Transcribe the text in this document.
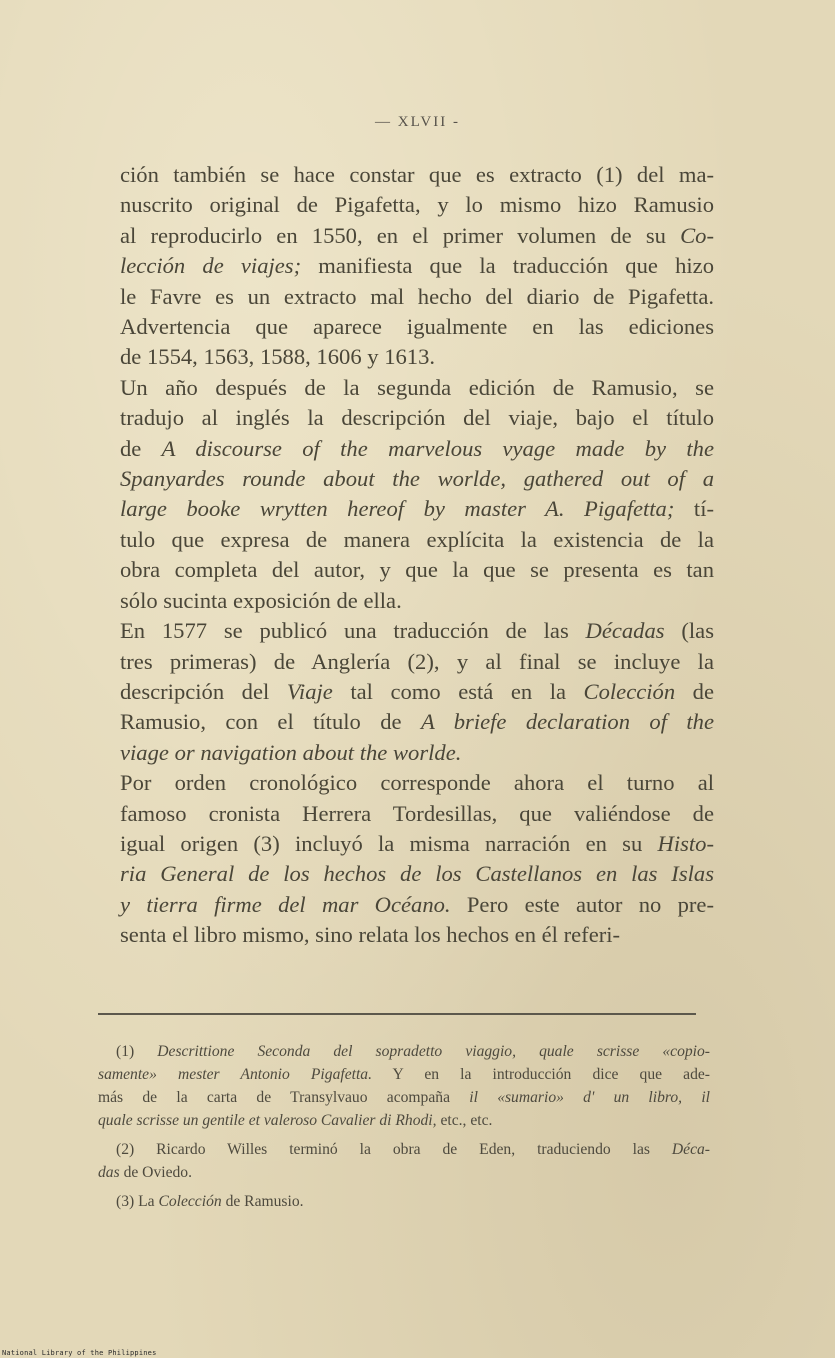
— XLVII -

ción también se hace constar que es extracto (1) del ma-
nuscrito original de Pigafetta, y lo mismo hizo Ramusio
al reproducirlo en 1550, en el primer volumen de su Co-
lección de viajes; manifiesta que la traducción que hizo
le Favre es un extracto mal hecho del diario de Pigafetta.
Advertencia que aparece igualmente en las ediciones
de 1554, 1563, 1588, 1606 y 1613.

Un año después de la segunda edición de Ramusio, se
tradujo al inglés la descripción del viaje, bajo el título
de A discourse of the marvelous vyage made by the
Spanyardes rounde about the worlde, gathered out of a
large booke wrytten hereof by master A. Pigafetta; tí-
tulo que expresa de manera explícita la existencia de la
obra completa del autor, y que la que se presenta es tan
sólo sucinta exposición de ella.

En 1577 se publicó una traducción de las Décadas (las
tres primeras) de Anglería (2), y al final se incluye la
descripción del Viaje tal como está en la Colección de
Ramusio, con el título de A briefe declaration of the
viage or navigation about the worlde.

Por orden cronológico corresponde ahora el turno al
famoso cronista Herrera Tordesillas, que valiéndose de
igual origen (3) incluyó la misma narración en su Histo-
ria General de los hechos de los Castellanos en las Islas
y tierra firme del mar Océano. Pero este autor no pre-
senta el libro mismo, sino relata los hechos en él referi-

(1) Descrittione Seconda del sopradetto viaggio, quale scrisse «copio-
samente» mester Antonio Pigafetta. Y en la introducción dice que ade-
más de la carta de Transylvauo acompaña il «sumario» d' un libro, il
quale scrisse un gentile et valeroso Cavalier di Rhodi, etc., etc.
(2) Ricardo Willes terminó la obra de Eden, traduciendo las Déca-
das de Oviedo.
(3) La Colección de Ramusio.
National Library of the Philippines
